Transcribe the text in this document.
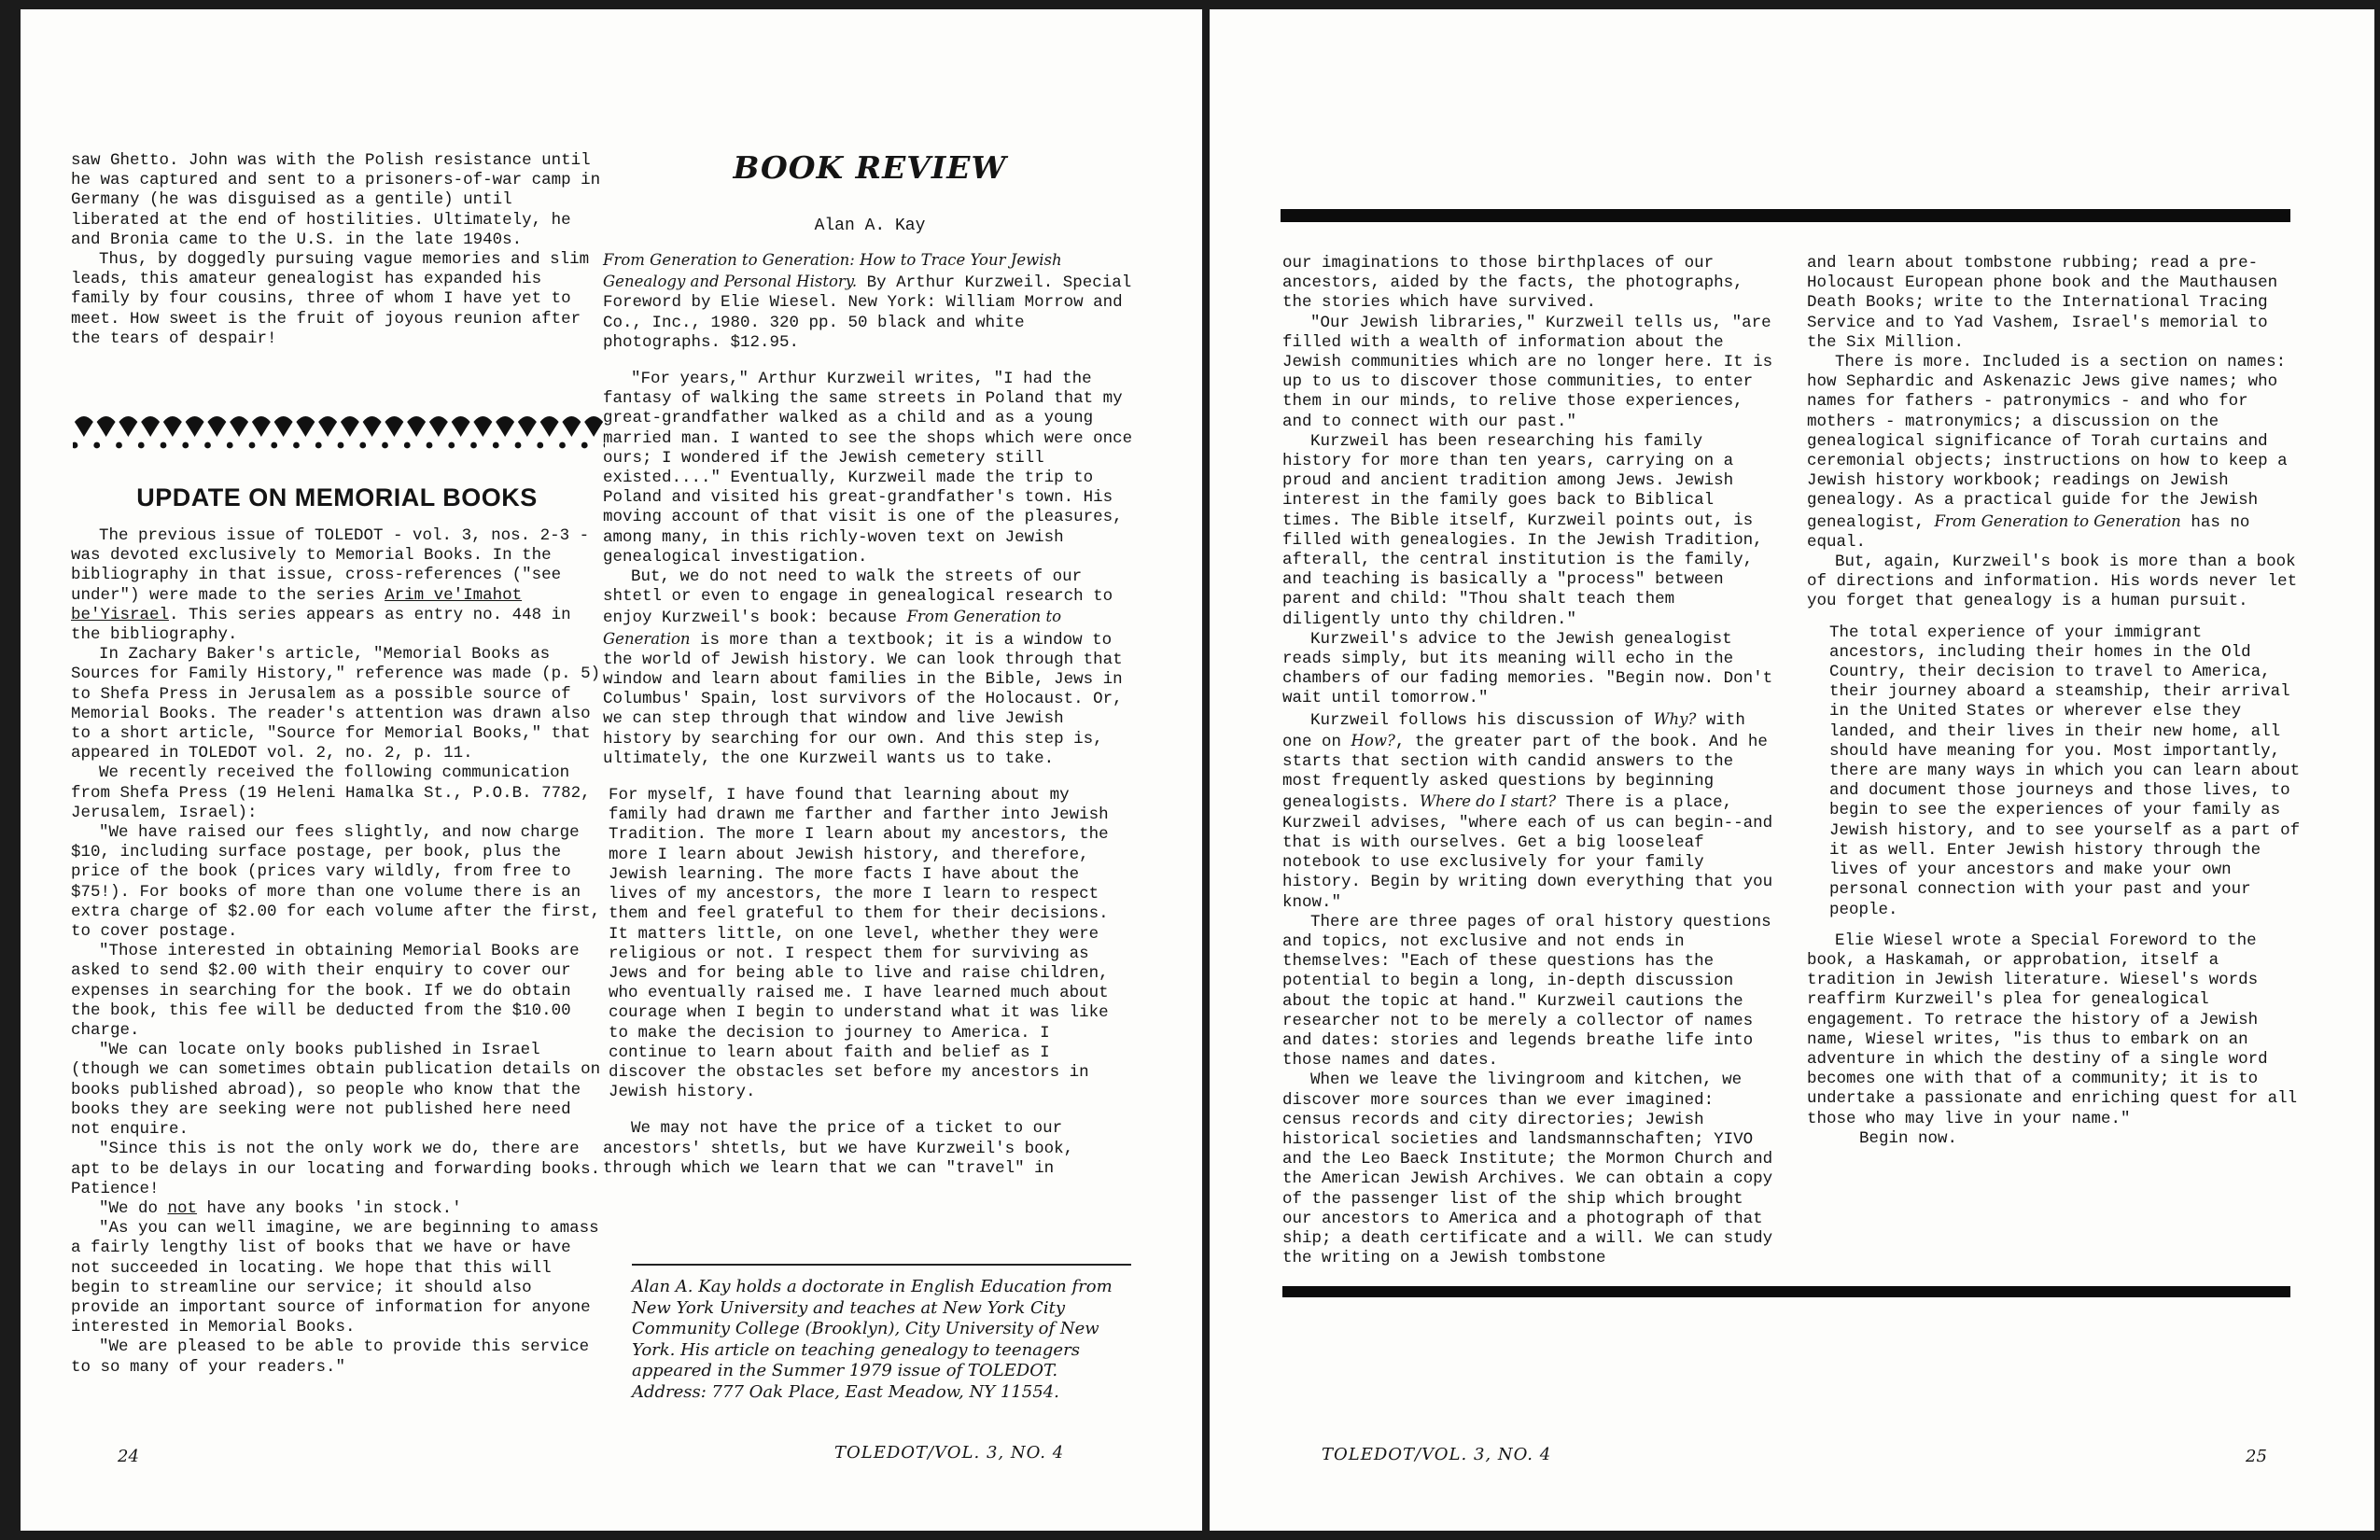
saw Ghetto. John was with the Polish resistance until he was captured and sent to a prisoners-of-war camp in Germany (he was disguised as a gentile) until liberated at the end of hostilities. Ultimately, he and Bronia came to the U.S. in the late 1940s.

Thus, by doggedly pursuing vague memories and slim leads, this amateur genealogist has expanded his family by four cousins, three of whom I have yet to meet. How sweet is the fruit of joyous reunion after the tears of despair!

UPDATE ON MEMORIAL BOOKS

The previous issue of TOLEDOT - vol. 3, nos. 2-3 - was devoted exclusively to Memorial Books. In the bibliography in that issue, cross-references ("see under") were made to the series Arim ve'Imahot be'Yisrael. This series appears as entry no. 448 in the bibliography.

In Zachary Baker's article, "Memorial Books as Sources for Family History," reference was made (p. 5) to Shefa Press in Jerusalem as a possible source of Memorial Books. The reader's attention was drawn also to a short article, "Source for Memorial Books," that appeared in TOLEDOT vol. 2, no. 2, p. 11.

We recently received the following communication from Shefa Press (19 Heleni Hamalka St., P.O.B. 7782, Jerusalem, Israel):

"We have raised our fees slightly, and now charge $10, including surface postage, per book, plus the price of the book (prices vary wildly, from free to $75!). For books of more than one volume there is an extra charge of $2.00 for each volume after the first, to cover postage.

"Those interested in obtaining Memorial Books are asked to send $2.00 with their enquiry to cover our expenses in searching for the book. If we do obtain the book, this fee will be deducted from the $10.00 charge.

"We can locate only books published in Israel (though we can sometimes obtain publication details on books published abroad), so people who know that the books they are seeking were not published here need not enquire.

"Since this is not the only work we do, there are apt to be delays in our locating and forwarding books. Patience!

"We do not have any books 'in stock.'

"As you can well imagine, we are beginning to amass a fairly lengthy list of books that we have or have not succeeded in locating. We hope that this will begin to streamline our service; it should also provide an important source of information for anyone interested in Memorial Books.

"We are pleased to be able to provide this service to so many of your readers."

BOOK REVIEW
Alan A. Kay

From Generation to Generation: How to Trace Your Jewish Genealogy and Personal History. By Arthur Kurzweil. Special Foreword by Elie Wiesel. New York: William Morrow and Co., Inc., 1980. 320 pp. 50 black and white photographs. $12.95.

"For years," Arthur Kurzweil writes, "I had the fantasy of walking the same streets in Poland that my great-grandfather walked as a child and as a young married man. I wanted to see the shops which were once ours; I wondered if the Jewish cemetery still existed...." Eventually, Kurzweil made the trip to Poland and visited his great-grandfather's town. His moving account of that visit is one of the pleasures, among many, in this richly-woven text on Jewish genealogical investigation.

But, we do not need to walk the streets of our shtetl or even to engage in genealogical research to enjoy Kurzweil's book: because From Generation to Generation is more than a textbook; it is a window to the world of Jewish history. We can look through that window and learn about families in the Bible, Jews in Columbus' Spain, lost survivors of the Holocaust. Or, we can step through that window and live Jewish history by searching for our own. And this step is, ultimately, the one Kurzweil wants us to take.

For myself, I have found that learning about my family had drawn me farther and farther into Jewish Tradition. The more I learn about my ancestors, the more I learn about Jewish history, and therefore, Jewish learning. The more facts I have about the lives of my ancestors, the more I learn to respect them and feel grateful to them for their decisions. It matters little, on one level, whether they were religious or not. I respect them for surviving as Jews and for being able to live and raise children, who eventually raised me. I have learned much about courage when I begin to understand what it was like to make the decision to journey to America. I continue to learn about faith and belief as I discover the obstacles set before my ancestors in Jewish history.

We may not have the price of a ticket to our ancestors' shtetls, but we have Kurzweil's book, through which we learn that we can "travel" in

Alan A. Kay holds a doctorate in English Education from New York University and teaches at New York City Community College (Brooklyn), City University of New York. His article on teaching genealogy to teenagers appeared in the Summer 1979 issue of TOLEDOT. Address: 777 Oak Place, East Meadow, NY 11554.
24	TOLEDOT/VOL. 3, NO. 4

our imaginations to those birthplaces of our ancestors, aided by the facts, the photographs, the stories which have survived.

"Our Jewish libraries," Kurzweil tells us, "are filled with a wealth of information about the Jewish communities which are no longer here. It is up to us to discover those communities, to enter them in our minds, to relive those experiences, and to connect with our past."

Kurzweil has been researching his family history for more than ten years, carrying on a proud and ancient tradition among Jews. Jewish interest in the family goes back to Biblical times. The Bible itself, Kurzweil points out, is filled with genealogies. In the Jewish Tradition, afterall, the central institution is the family, and teaching is basically a "process" between parent and child: "Thou shalt teach them diligently unto thy children."

Kurzweil's advice to the Jewish genealogist reads simply, but its meaning will echo in the chambers of our fading memories. "Begin now. Don't wait until tomorrow."

Kurzweil follows his discussion of Why? with one on How?, the greater part of the book. And he starts that section with candid answers to the most frequently asked questions by beginning genealogists. Where do I start? There is a place, Kurzweil advises, "where each of us can begin--and that is with ourselves. Get a big looseleaf notebook to use exclusively for your family history. Begin by writing down everything that you know."

There are three pages of oral history questions and topics, not exclusive and not ends in themselves: "Each of these questions has the potential to begin a long, in-depth discussion about the topic at hand." Kurzweil cautions the researcher not to be merely a collector of names and dates: stories and legends breathe life into those names and dates.

When we leave the livingroom and kitchen, we discover more sources than we ever imagined: census records and city directories; Jewish historical societies and landsmannschaften; YIVO and the Leo Baeck Institute; the Mormon Church and the American Jewish Archives. We can obtain a copy of the passenger list of the ship which brought our ancestors to America and a photograph of that ship; a death certificate and a will. We can study the writing on a Jewish tombstone

and learn about tombstone rubbing; read a pre-Holocaust European phone book and the Mauthausen Death Books; write to the International Tracing Service and to Yad Vashem, Israel's memorial to the Six Million.

There is more. Included is a section on names: how Sephardic and Askenazic Jews give names; who names for fathers - patronymics - and who for mothers - matronymics; a discussion on the genealogical significance of Torah curtains and ceremonial objects; instructions on how to keep a Jewish history workbook; readings on Jewish genealogy. As a practical guide for the Jewish genealogist, From Generation to Generation has no equal.

But, again, Kurzweil's book is more than a book of directions and information. His words never let you forget that genealogy is a human pursuit.

The total experience of your immigrant ancestors, including their homes in the Old Country, their decision to travel to America, their journey aboard a steamship, their arrival in the United States or wherever else they landed, and their lives in their new home, all should have meaning for you. Most importantly, there are many ways in which you can learn about and document those journeys and those lives, to begin to see the experiences of your family as Jewish history, and to see yourself as a part of it as well. Enter Jewish history through the lives of your ancestors and make your own personal connection with your past and your people.

Elie Wiesel wrote a Special Foreword to the book, a Haskamah, or approbation, itself a tradition in Jewish literature. Wiesel's words reaffirm Kurzweil's plea for genealogical engagement. To retrace the history of a Jewish name, Wiesel writes, "is thus to embark on an adventure in which the destiny of a single word becomes one with that of a community; it is to undertake a passionate and enriching quest for all those who may live in your name."

Begin now.

TOLEDOT/VOL. 3, NO. 4	25
